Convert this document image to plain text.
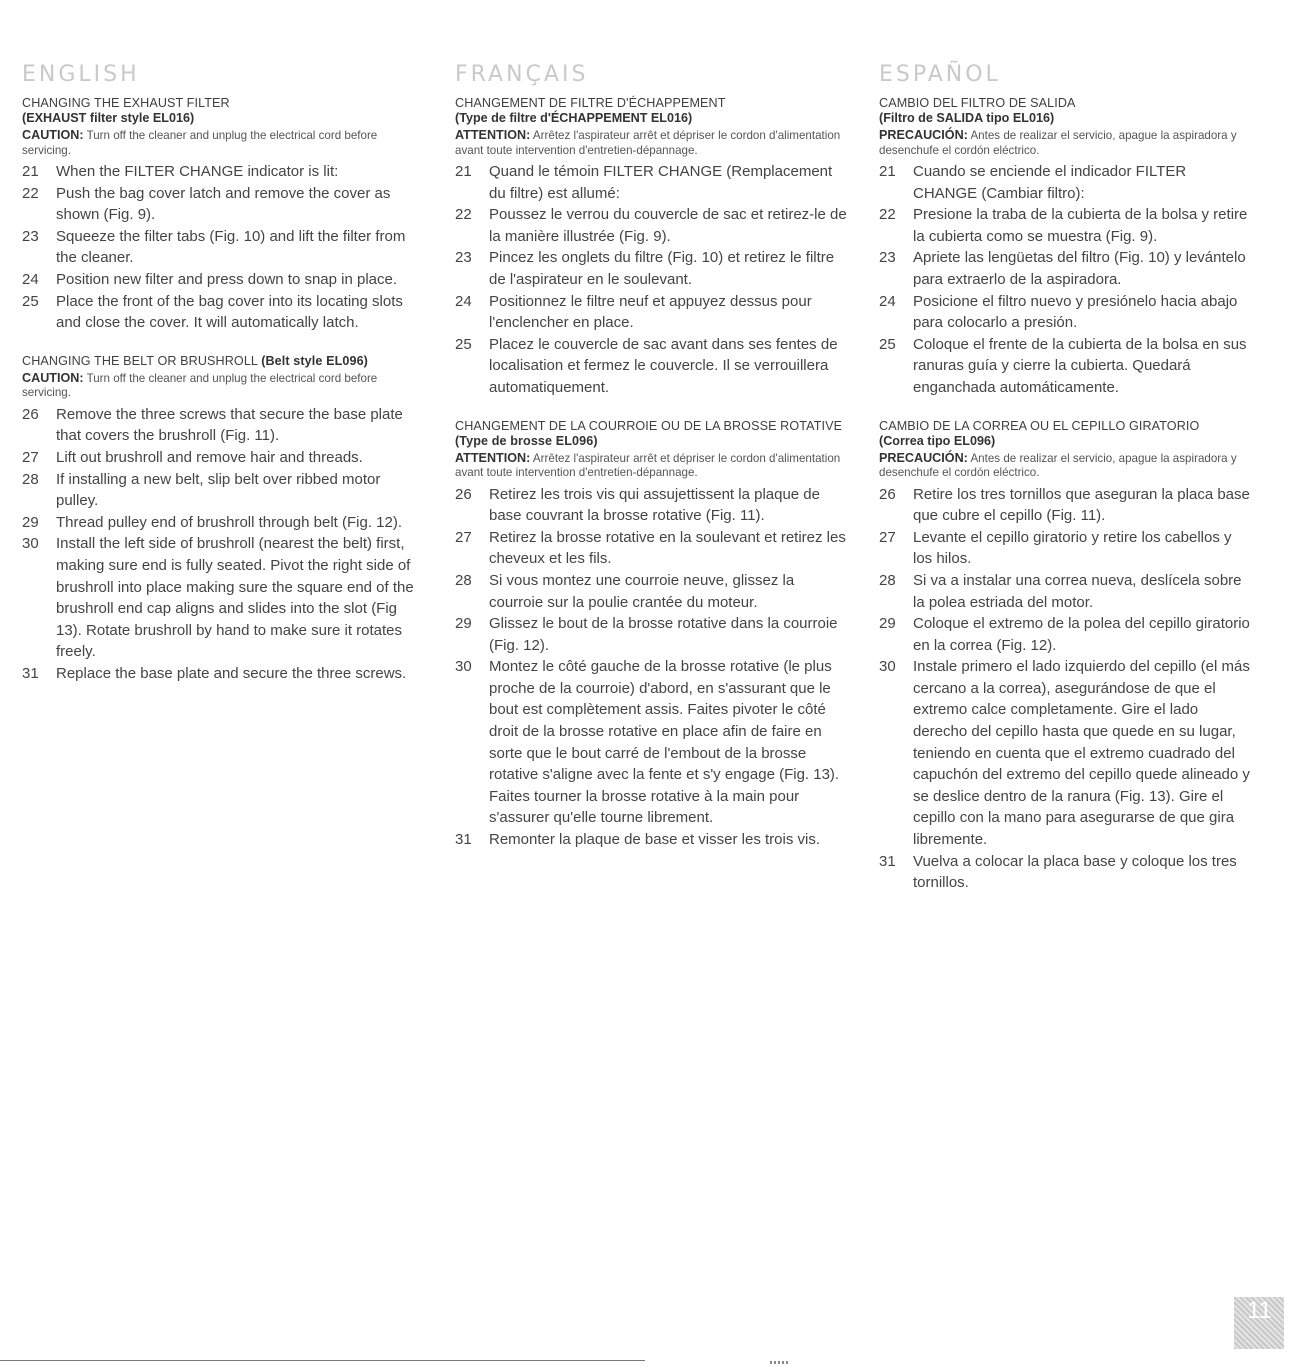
ENGLISH
CHANGING THE EXHAUST FILTER
(EXHAUST filter style EL016)
CAUTION: Turn off the cleaner and unplug the electrical cord before servicing.
21	When the FILTER CHANGE indicator is lit:
22	Push the bag cover latch and remove the cover as shown (Fig. 9).
23	Squeeze the filter tabs (Fig. 10) and lift the filter from the cleaner.
24	Position new filter and press down to snap in place.
25	Place the front of the bag cover into its locating slots and close the cover. It will automatically latch.
CHANGING THE BELT OR BRUSHROLL (Belt style EL096)
CAUTION: Turn off the cleaner and unplug the electrical cord before servicing.
26	Remove the three screws that secure the base plate that covers the brushroll (Fig. 11).
27	Lift out brushroll and remove hair and threads.
28	If installing a new belt, slip belt over ribbed motor pulley.
29	Thread pulley end of brushroll through belt (Fig. 12).
30	Install the left side of brushroll (nearest the belt) first, making sure end is fully seated. Pivot the right side of brushroll into place making sure the square end of the brushroll end cap aligns and slides into the slot (Fig 13). Rotate brushroll by hand to make sure it rotates freely.
31	Replace the base plate and secure the three screws.
FRANÇAIS
CHANGEMENT DE FILTRE D'ÉCHAPPEMENT
(Type de filtre d'ÉCHAPPEMENT EL016)
ATTENTION: Arrêtez l'aspirateur arrêt et dépriser le cordon d'alimentation avant toute intervention d'entretien-dépannage.
21	Quand le témoin FILTER CHANGE (Remplacement du filtre) est allumé:
22	Poussez le verrou du couvercle de sac et retirez-le de la manière illustrée (Fig. 9).
23	Pincez les onglets du filtre (Fig. 10) et retirez le filtre de l'aspirateur en le soulevant.
24	Positionnez le filtre neuf et appuyez dessus pour l'enclencher en place.
25	Placez le couvercle de sac avant dans ses fentes de localisation et fermez le couvercle. Il se verrouillera automatiquement.
CHANGEMENT DE LA COURROIE OU DE LA BROSSE ROTATIVE (Type de brosse EL096)
ATTENTION: Arrêtez l'aspirateur arrêt et dépriser le cordon d'alimentation avant toute intervention d'entretien-dépannage.
26	Retirez les trois vis qui assujettissent la plaque de base couvrant la brosse rotative (Fig. 11).
27	Retirez la brosse rotative en la soulevant et retirez les cheveux et les fils.
28	Si vous montez une courroie neuve, glissez la courroie sur la poulie crantée du moteur.
29	Glissez le bout de la brosse rotative dans la courroie (Fig. 12).
30	Montez le côté gauche de la brosse rotative (le plus proche de la courroie) d'abord, en s'assurant que le bout est complètement assis. Faites pivoter le côté droit de la brosse rotative en place afin de faire en sorte que le bout carré de l'embout de la brosse rotative s'aligne avec la fente et s'y engage (Fig. 13). Faites tourner la brosse rotative à la main pour s'assurer qu'elle tourne librement.
31	Remonter la plaque de base et visser les trois vis.
ESPAÑOL
CAMBIO DEL FILTRO DE SALIDA
(Filtro de SALIDA tipo EL016)
PRECAUCIÓN: Antes de realizar el servicio, apague la aspiradora y desenchufe el cordón eléctrico.
21	Cuando se enciende el indicador FILTER CHANGE (Cambiar filtro):
22	Presione la traba de la cubierta de la bolsa y retire la cubierta como se muestra (Fig. 9).
23	Apriete las lengüetas del filtro (Fig. 10) y levántelo para extraerlo de la aspiradora.
24	Posicione el filtro nuevo y presiónelo hacia abajo para colocarlo a presión.
25	Coloque el frente de la cubierta de la bolsa en sus ranuras guía y cierre la cubierta. Quedará enganchada automáticamente.
CAMBIO DE LA CORREA OU EL CEPILLO GIRATORIO
(Correa tipo EL096)
PRECAUCIÓN: Antes de realizar el servicio, apague la aspiradora y desenchufe el cordón eléctrico.
26	Retire los tres tornillos que aseguran la placa base que cubre el cepillo (Fig. 11).
27	Levante el cepillo giratorio y retire los cabellos y los hilos.
28	Si va a instalar una correa nueva, deslícela sobre la polea estriada del motor.
29	Coloque el extremo de la polea del cepillo giratorio en la correa (Fig. 12).
30	Instale primero el lado izquierdo del cepillo (el más cercano a la correa), asegurándose de que el extremo calce completamente. Gire el lado derecho del cepillo hasta que quede en su lugar, teniendo en cuenta que el extremo cuadrado del capuchón del extremo del cepillo quede alineado y se deslice dentro de la ranura (Fig. 13). Gire el cepillo con la mano para asegurarse de que gira libremente.
31	Vuelva a colocar la placa base y coloque los tres tornillos.
11
